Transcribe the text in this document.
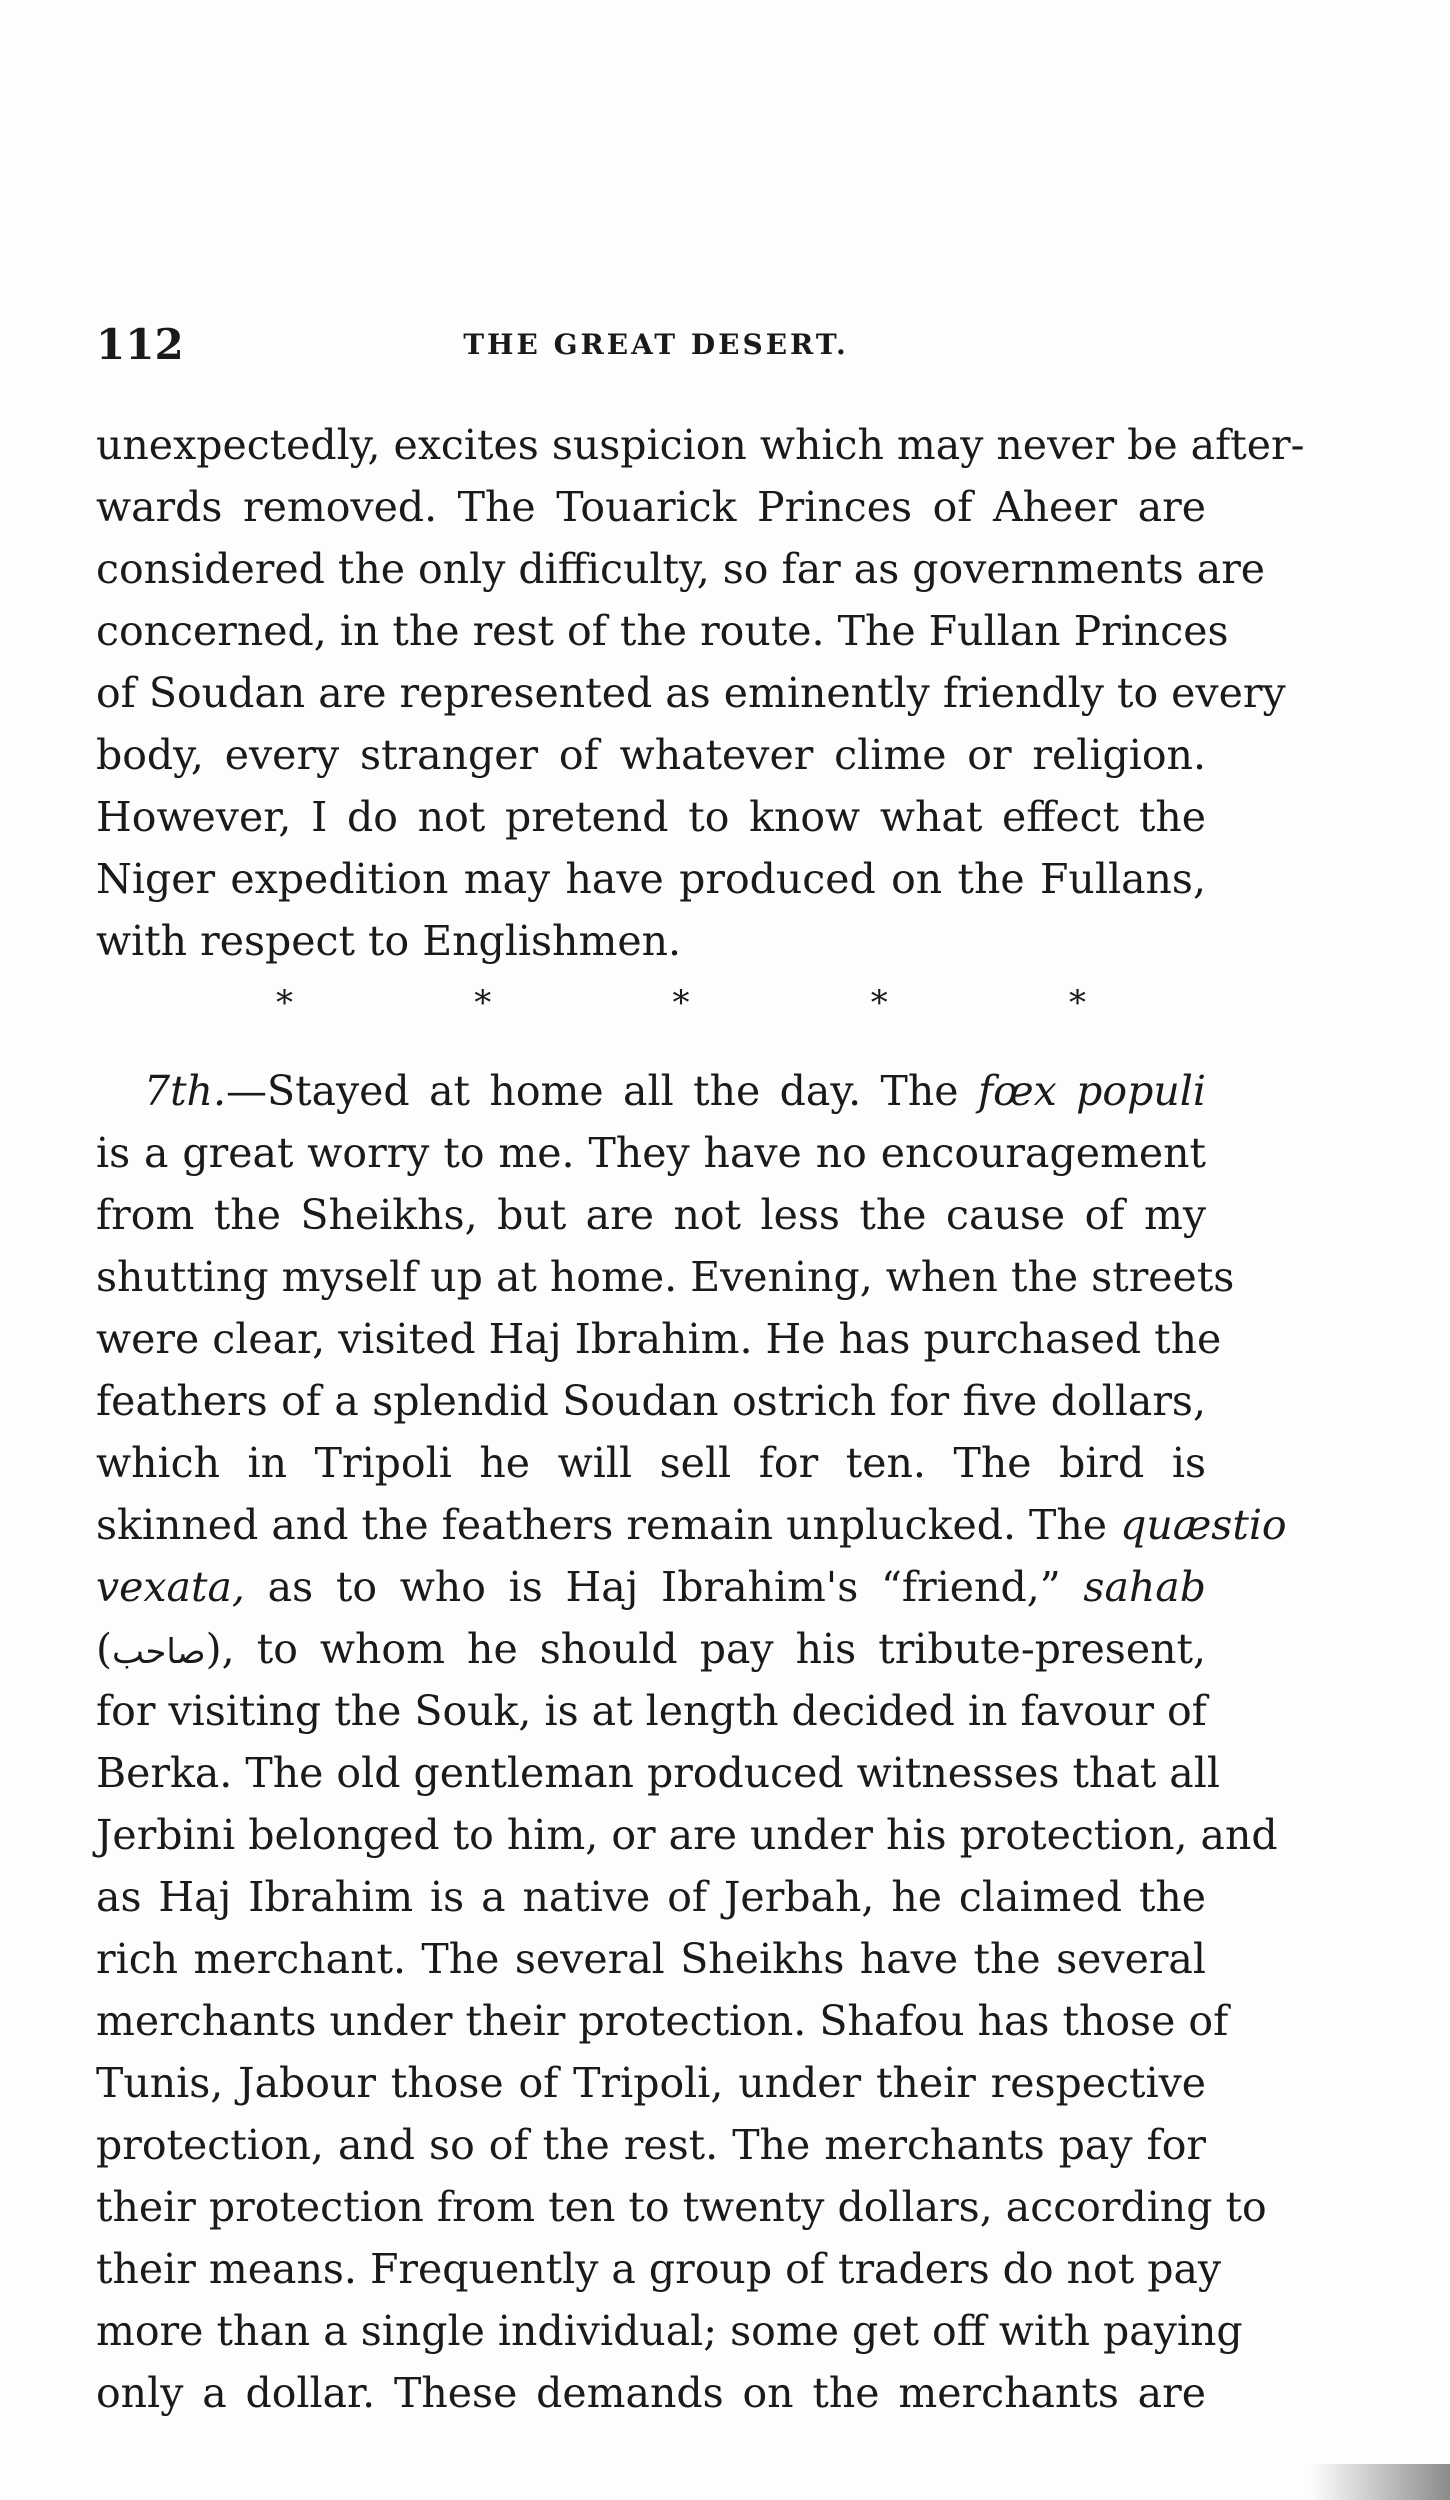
112	THE GREAT DESERT.
unexpectedly, excites suspicion which may never be after-
wards removed. The Touarick Princes of Aheer are
considered the only difficulty, so far as governments are
concerned, in the rest of the route. The Fullan Princes
of Soudan are represented as eminently friendly to every
body, every stranger of whatever clime or religion.
However, I do not pretend to know what effect the
Niger expedition may have produced on the Fullans,
with respect to Englishmen.
*	*	*	*	*
7th.—Stayed at home all the day. The fœx populi
is a great worry to me. They have no encouragement
from the Sheikhs, but are not less the cause of my
shutting myself up at home. Evening, when the streets
were clear, visited Haj Ibrahim. He has purchased the
feathers of a splendid Soudan ostrich for five dollars,
which in Tripoli he will sell for ten. The bird is
skinned and the feathers remain unplucked. The quæstio
vexata, as to who is Haj Ibrahim's “friend,” sahab
(صاحب), to whom he should pay his tribute-present,
for visiting the Souk, is at length decided in favour of
Berka. The old gentleman produced witnesses that all
Jerbini belonged to him, or are under his protection, and
as Haj Ibrahim is a native of Jerbah, he claimed the
rich merchant. The several Sheikhs have the several
merchants under their protection. Shafou has those of
Tunis, Jabour those of Tripoli, under their respective
protection, and so of the rest. The merchants pay for
their protection from ten to twenty dollars, according to
their means. Frequently a group of traders do not pay
more than a single individual; some get off with paying
only a dollar. These demands on the merchants are
